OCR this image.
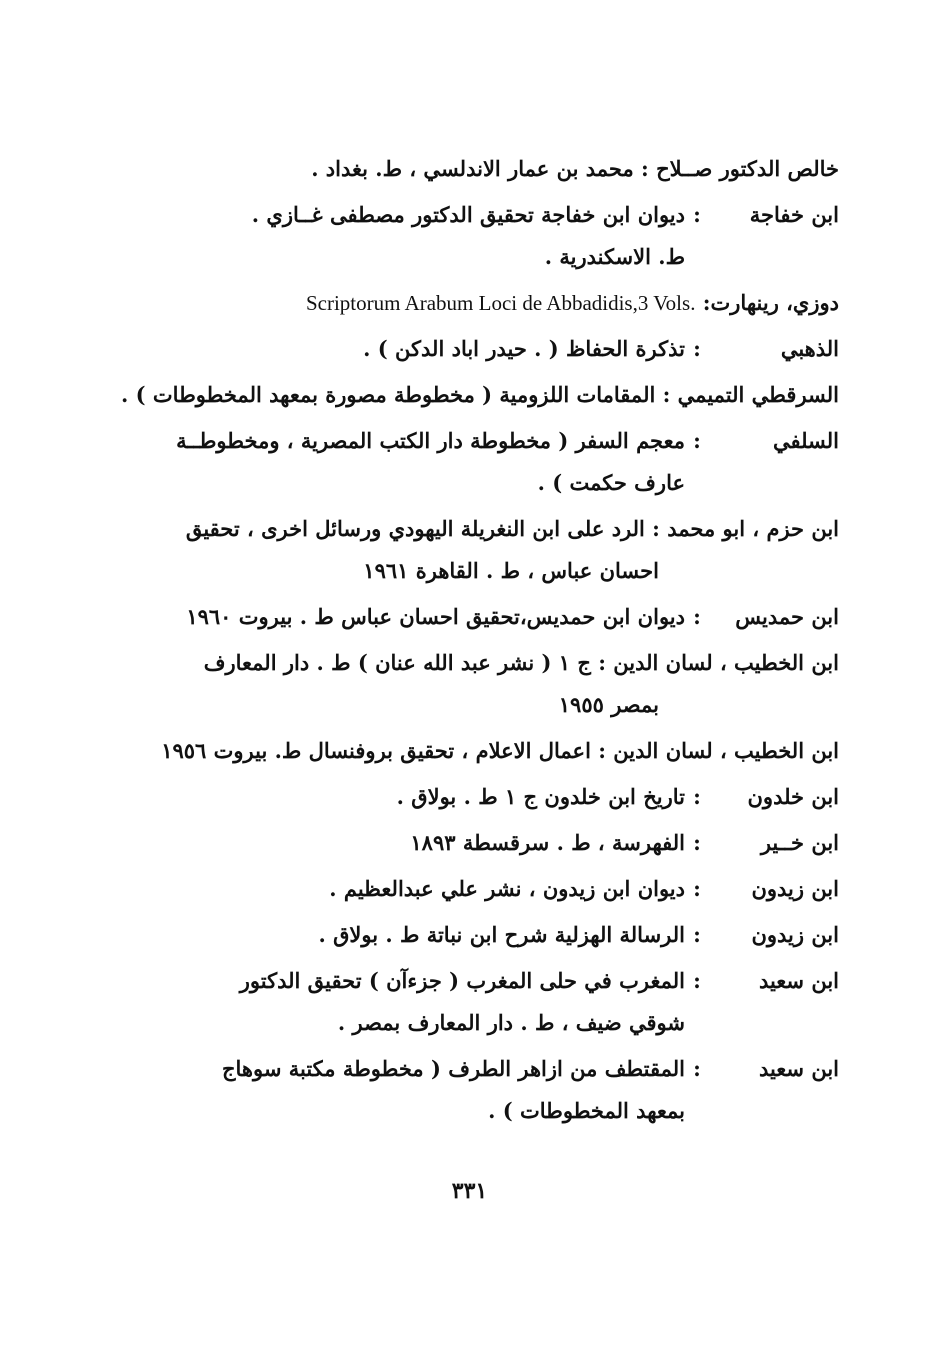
خالص الدكتور صــلاح : محمد بن عمار الاندلسي ، ط. بغداد .
ابن خفاجة
:
ديوان ابن خفاجة تحقيق الدكتور مصطفى غــازي .
ط. الاسكندرية .
دوزي، رينهارت: Scriptorum Arabum Loci de Abbadidis,3 Vols.
الذهبي
:
تذكرة الحفاظ ( . حيدر اباد الدكن ) .
السرقطي التميمي : المقامات اللزومية ( مخطوطة مصورة بمعهد المخطوطات ) .
السلفي
:
معجم السفر ( مخطوطة دار الكتب المصرية ، ومخطوطــة
عارف حكمت ) .
ابن حزم ، ابو محمد : الرد على ابن النغريلة اليهودي ورسائل اخرى ، تحقيق
احسان عباس ، ط . القاهرة ١٩٦١
ابن حمديس
:
ديوان ابن حمديس،تحقيق احسان عباس ط . بيروت ١٩٦٠
ابن الخطيب ، لسان الدين : ج ١ ( نشر عبد الله عنان ) ط . دار المعارف
بمصر ١٩٥٥
ابن الخطيب ، لسان الدين : اعمال الاعلام ، تحقيق بروفنسال ط. بيروت ١٩٥٦
ابن خلدون
:
تاريخ ابن خلدون ج ١ ط . بولاق .
ابن خــير
:
الفهرسة ، ط . سرقسطة ١٨٩٣
ابن زيدون
:
ديوان ابن زيدون ، نشر علي عبدالعظيم .
ابن زيدون
:
الرسالة الهزلية شرح ابن نباتة ط . بولاق .
ابن سعيد
:
المغرب في حلى المغرب ( جزءآن ) تحقيق الدكتور
شوقي ضيف ، ط . دار المعارف بمصر .
ابن سعيد
:
المقتطف من ازاهر الطرف ( مخطوطة مكتبة سوهاج
بمعهد المخطوطات ) .
٣٣١
